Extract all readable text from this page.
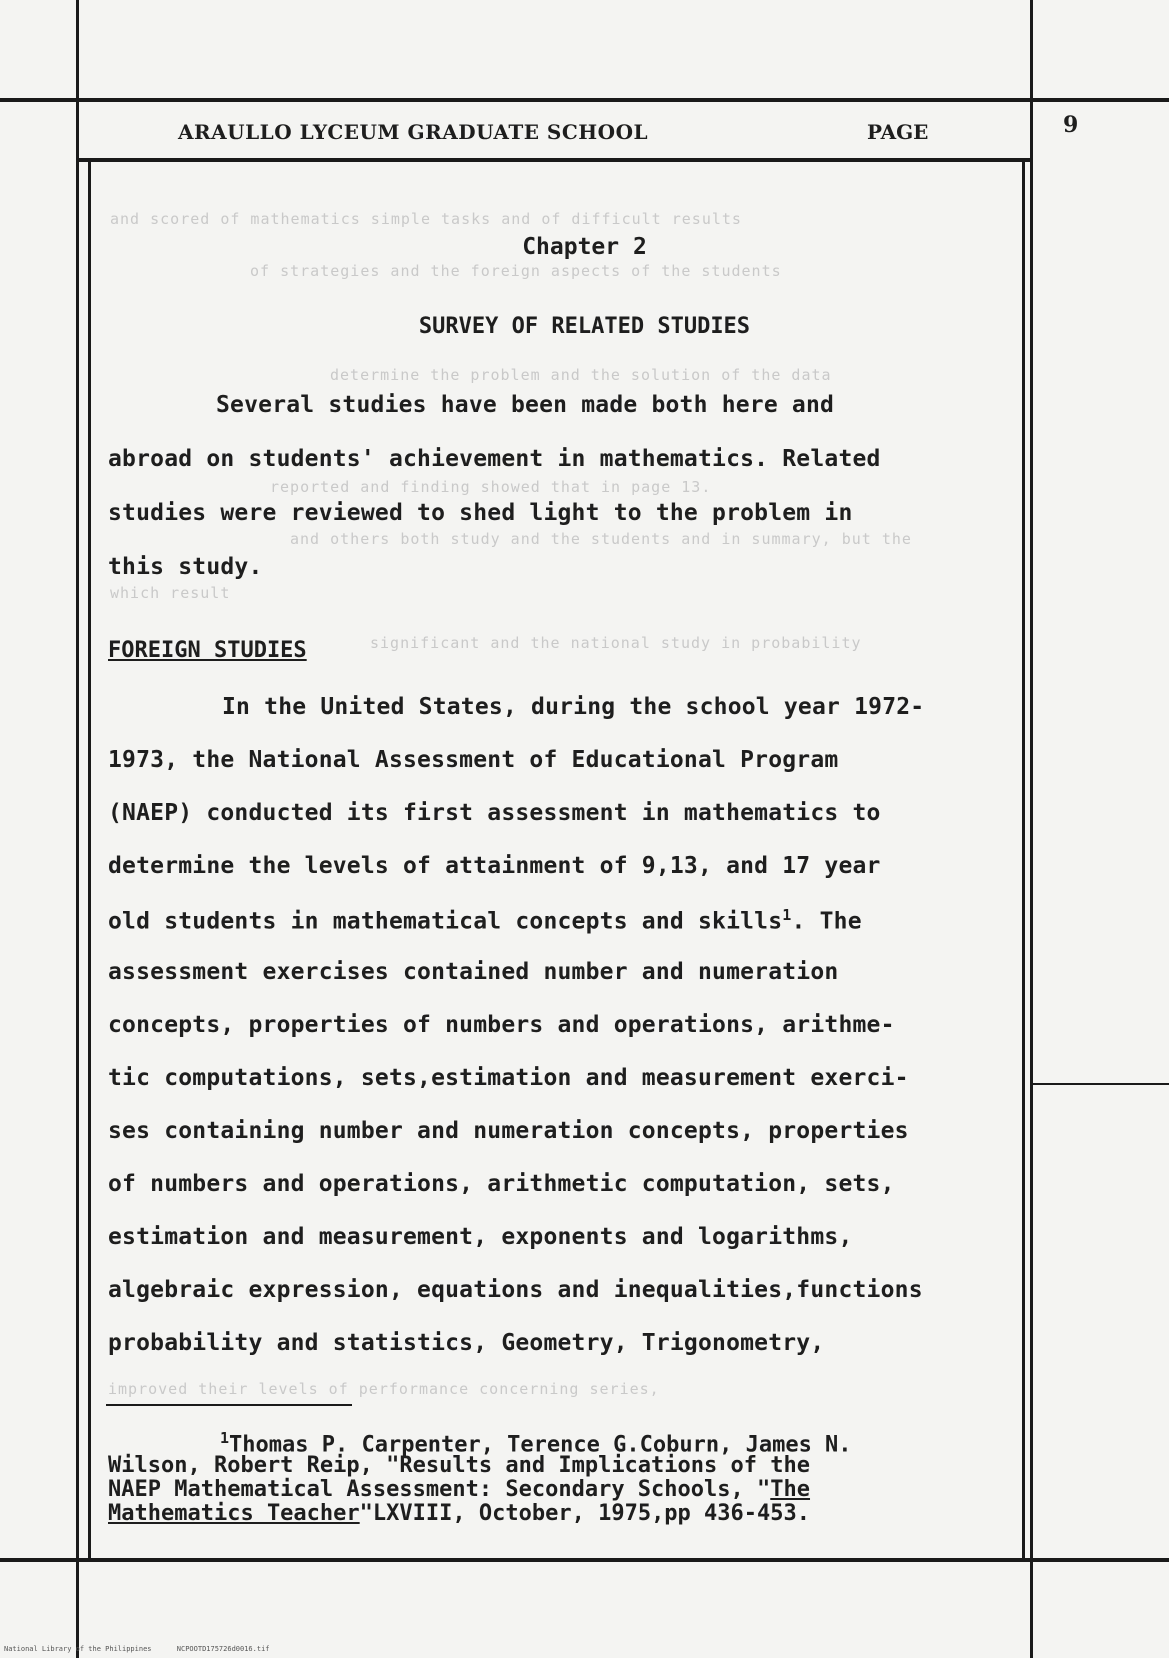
and scored of mathematics simple tasks and of difficult results
of strategies and the foreign aspects of the students
determine the problem and the solution of the data
reported and finding showed that in page 13.
and others both study and the students and in summary, but the
which result
significant and the national study in probability
improved their levels of performance concerning series,
ARAULLO LYCEUM GRADUATE SCHOOL	PAGE	9
Chapter 2
SURVEY OF RELATED STUDIES
Several studies have been made both here and
abroad on students' achievement in mathematics. Related
studies were reviewed to shed light to the problem in
this study.
FOREIGN STUDIES
In the United States, during the school year 1972-
1973, the National Assessment of Educational Program
(NAEP) conducted its first assessment in mathematics to
determine the levels of attainment of 9,13, and 17 year
old students in mathematical concepts and skills$^1$. The
assessment exercises contained number and numeration
concepts, properties of numbers and operations, arithme-
tic computations, sets,estimation and measurement exerci-
ses containing number and numeration concepts, properties
of numbers and operations, arithmetic computation, sets,
estimation and measurement, exponents and logarithms,
algebraic expression, equations and inequalities,functions
probability and statistics, Geometry, Trigonometry,
$^1$Thomas P. Carpenter, Terence G.Coburn, James N.
Wilson, Robert Reip, "Results and Implications of the
NAEP Mathematical Assessment: Secondary Schools, "The
Mathematics Teacher"LXVIII, October, 1975,pp 436-453.
National Library of the Philippines      NCPOOTD175726d0016.tif
